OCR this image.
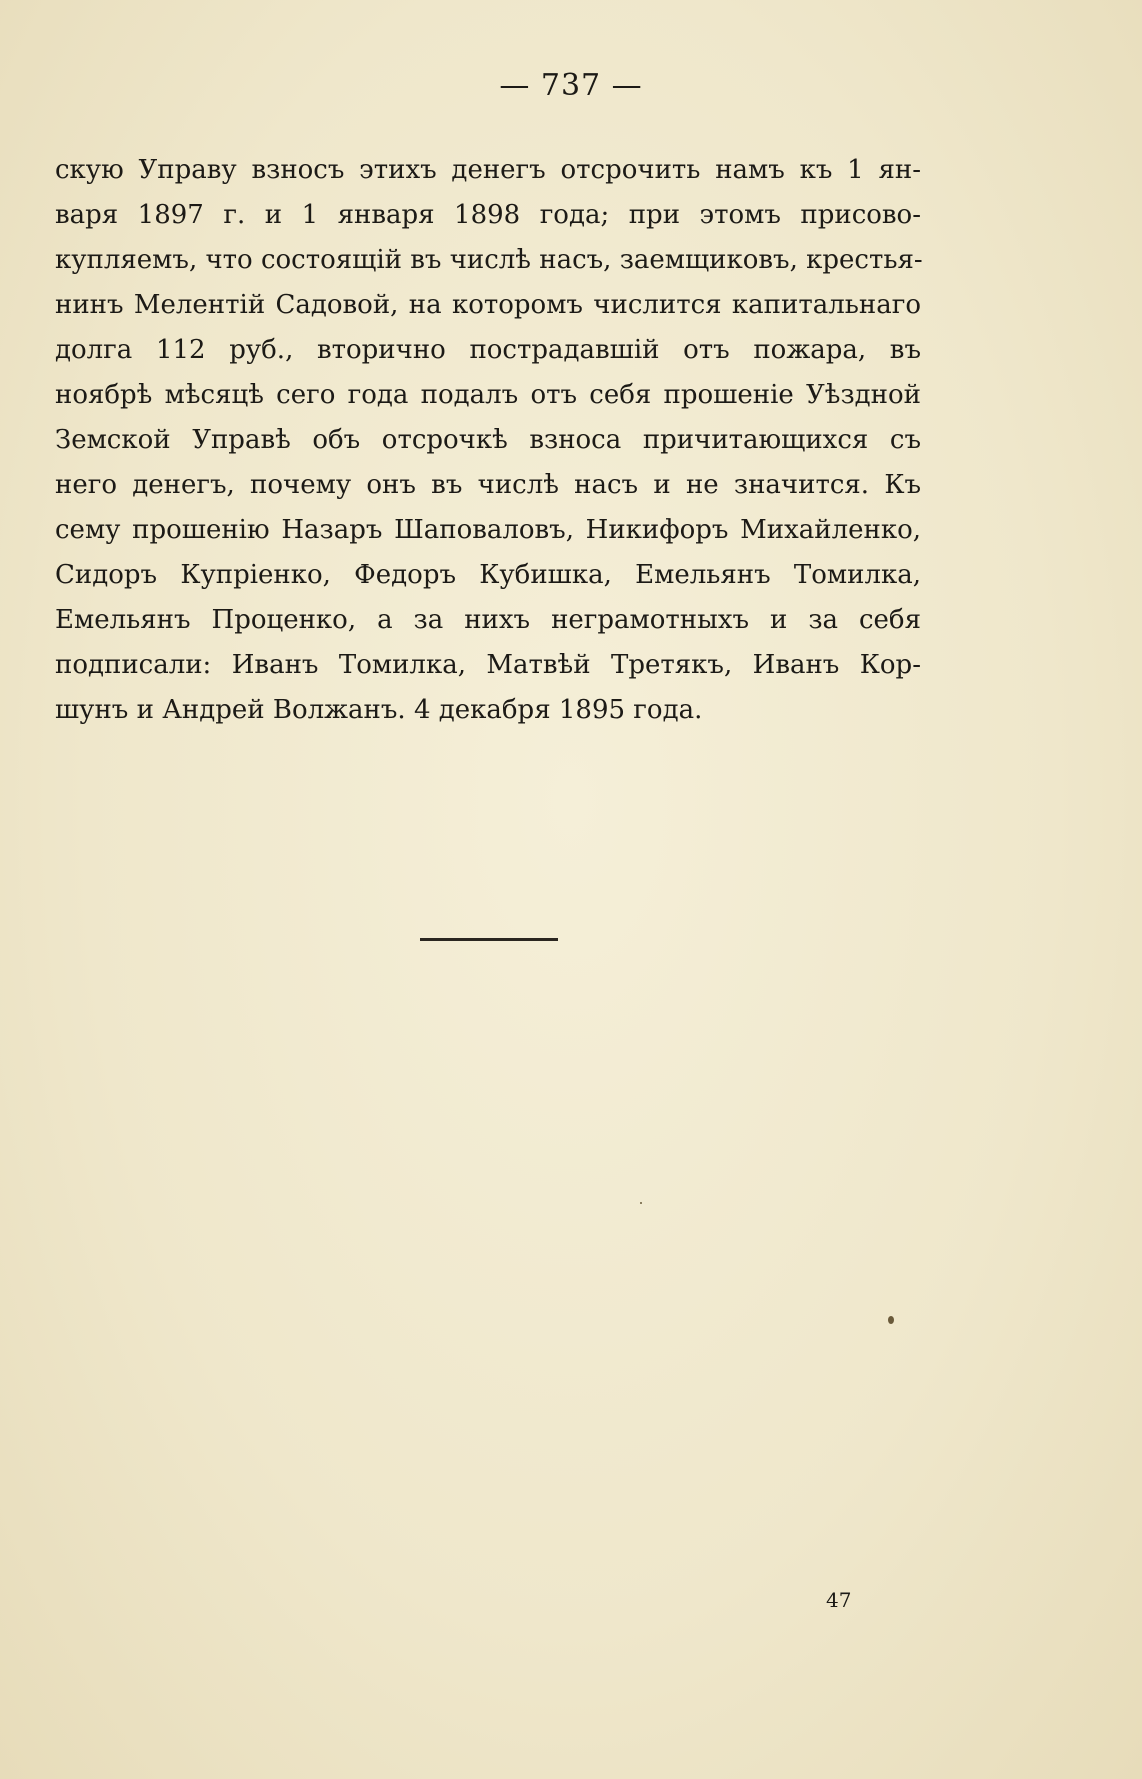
— 737 —
скую Управу взносъ этихъ денегъ отсрочить намъ къ 1 ян-
варя 1897 г. и 1 января 1898 года; при этомъ присово-
купляемъ, что состоящій въ числѣ насъ, заемщиковъ, крестья-
нинъ Мелентій Садовой, на которомъ числится капитальнаго
долга 112 руб., вторично пострадавшій отъ пожара, въ
ноябрѣ мѣсяцѣ сего года подалъ отъ себя прошеніе Уѣздной
Земской Управѣ объ отсрочкѣ взноса причитающихся съ
него денегъ, почему онъ въ числѣ насъ и не значится. Къ
сему прошенію Назаръ Шаповаловъ, Никифоръ Михайленко,
Сидоръ Купріенко, Федоръ Кубишка, Емельянъ Томилка,
Емельянъ Проценко, а за нихъ неграмотныхъ и за себя
подписали: Иванъ Томилка, Матвѣй Третякъ, Иванъ Кор-
шунъ и Андрей Волжанъ. 4 декабря 1895 года.
47
